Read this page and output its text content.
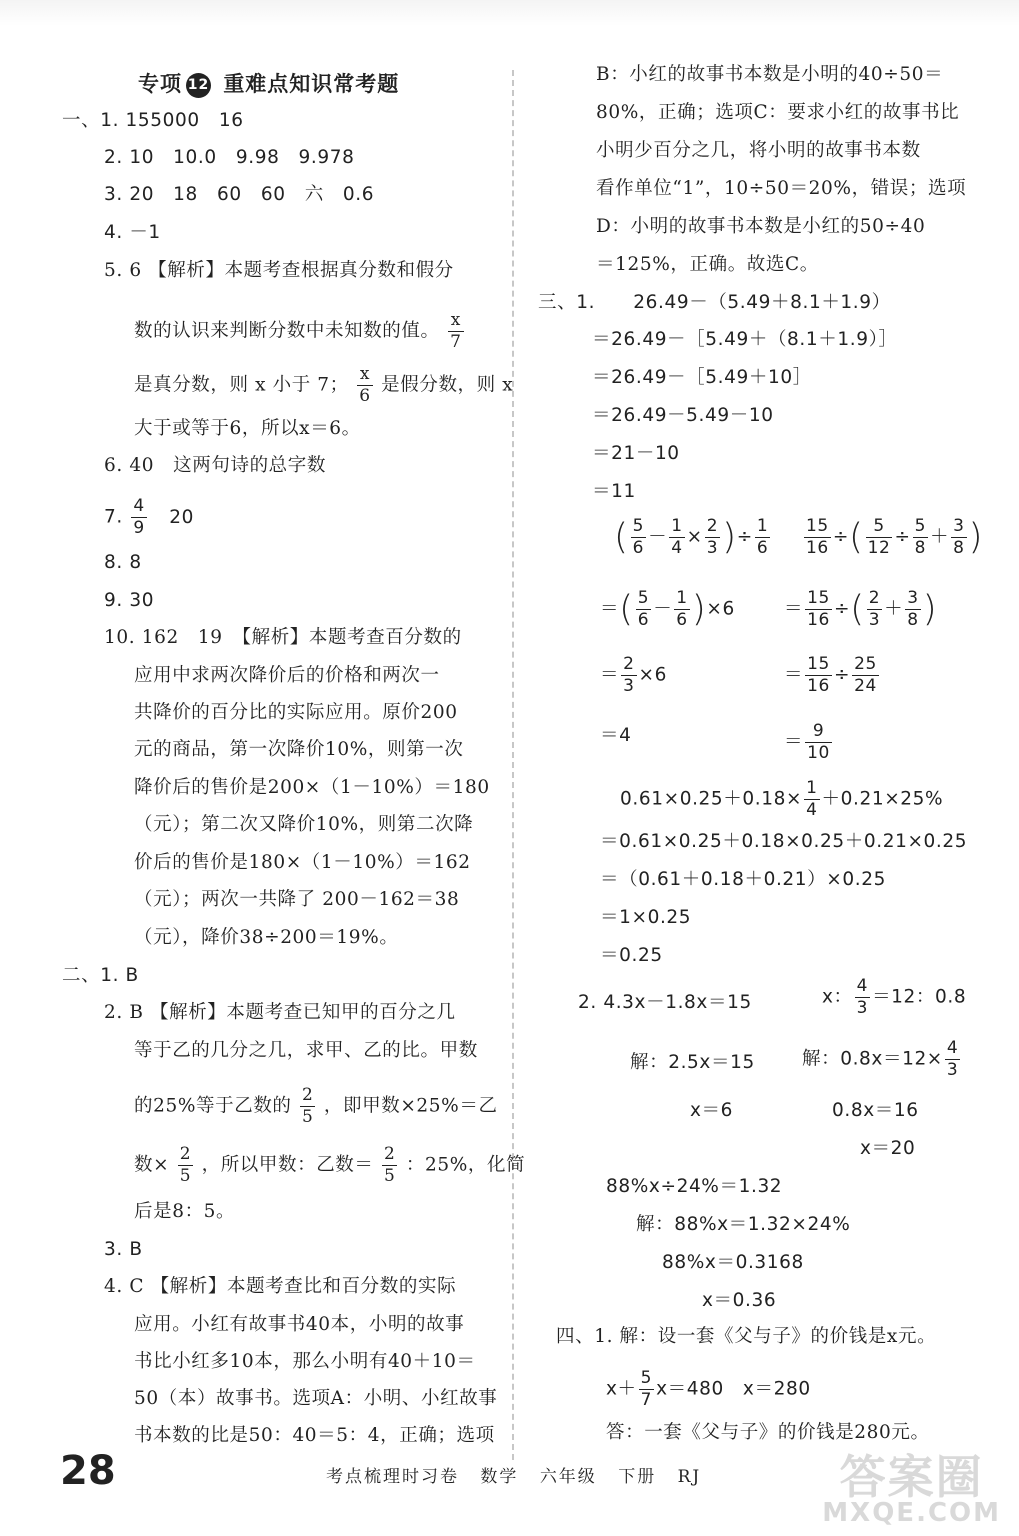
专项 12 重难点知识常考题
一、1. 155000　16
2. 10　10.0　9.98　9.978
3. 20　18　60　60　六　0.6
4. －1
5. 6 【解析】本题考查根据真分数和假分
数的认识来判断分数中未知数的值。 $\frac{x}{7}$
是真分数，则 x 小于 7； $\frac{x}{6}$ 是假分数，则 x
大于或等于6，所以x＝6。
6. 40　这两句诗的总字数
7. $\frac{4}{9} 20$
8. 8
9. 30
10. 162　19　【解析】本题考查百分数的
应用中求两次降价后的价格和两次一
共降价的百分比的实际应用。原价200
元的商品，第一次降价10%，则第一次
降价后的售价是200×（1－10%）＝180
（元）；第二次又降价10%，则第二次降
价后的售价是180×（1－10%）＝162
（元）；两次一共降了 200－162＝38
（元），降价38÷200＝19%。
二、1. B
2. B 【解析】本题考查已知甲的百分之几
等于乙的几分之几，求甲、乙的比。甲数
的25%等于乙数的 $\frac{2}{5}$ ，即甲数×25%＝乙
数× $\frac{2}{5}$ ，所以甲数：乙数＝ $\frac{2}{5}$ ：25%，化简
后是8：5。
3. B
4. C 【解析】本题考查比和百分数的实际
应用。小红有故事书40本，小明的故事
书比小红多10本，那么小明有40＋10＝
50（本）故事书。选项A：小明、小红故事
书本数的比是50：40＝5：4，正确；选项
B：小红的故事书本数是小明的40÷50＝
80%，正确；选项C：要求小红的故事书比
小明少百分之几，将小明的故事书本数
看作单位“1”，10÷50＝20%，错误；选项
D：小明的故事书本数是小红的50÷40
＝125%，正确。故选C。
三、1.　　26.49－（5.49＋8.1＋1.9）
＝26.49－［5.49＋（8.1＋1.9）］
＝26.49－［5.49＋10］
＝26.49－5.49－10
＝21－10
＝11
( $\frac{5}{6} - \frac{1}{4} \times \frac{2}{3}$ )÷ $\frac{1}{6}$
＝( $\frac{5}{6} - \frac{1}{6} )\times 6$
＝ $\frac{2}{3} \times 6$
＝4
$\frac{15}{16}$ ÷( $\frac{5}{12} \div \frac{5}{8} + \frac{3}{8}$ )
＝ $\frac{15}{16}$ ÷( $\frac{2}{3} + \frac{3}{8}$ )
＝ $\frac{15}{16} \div \frac{25}{24}$
＝ $\frac{9}{10}$
$0.61\times 0.25+0.18\times \frac{1}{4} +0.21\times 25\%$
＝0.61×0.25＋0.18×0.25＋0.21×0.25
＝（0.61＋0.18＋0.21）×0.25
＝1×0.25
＝0.25
2. 4.3x－1.8x＝15	x： $\frac{4}{3} =12$：0.8
解：2.5x＝15	解：$0.8x=12\times \frac{4}{3}$
x＝6	0.8x＝16
x＝20
88%x÷24%＝1.32
解：88%x＝1.32×24%
88%x＝0.3168
x＝0.36
四、1. 解：设一套《父与子》的价钱是x元。
$x+ \frac{5}{7} x=480$　x＝280
答：一套《父与子》的价钱是280元。
28	考点梳理时习卷 数学 六年级 下册 RJ	答案圈
MXQE.COM
